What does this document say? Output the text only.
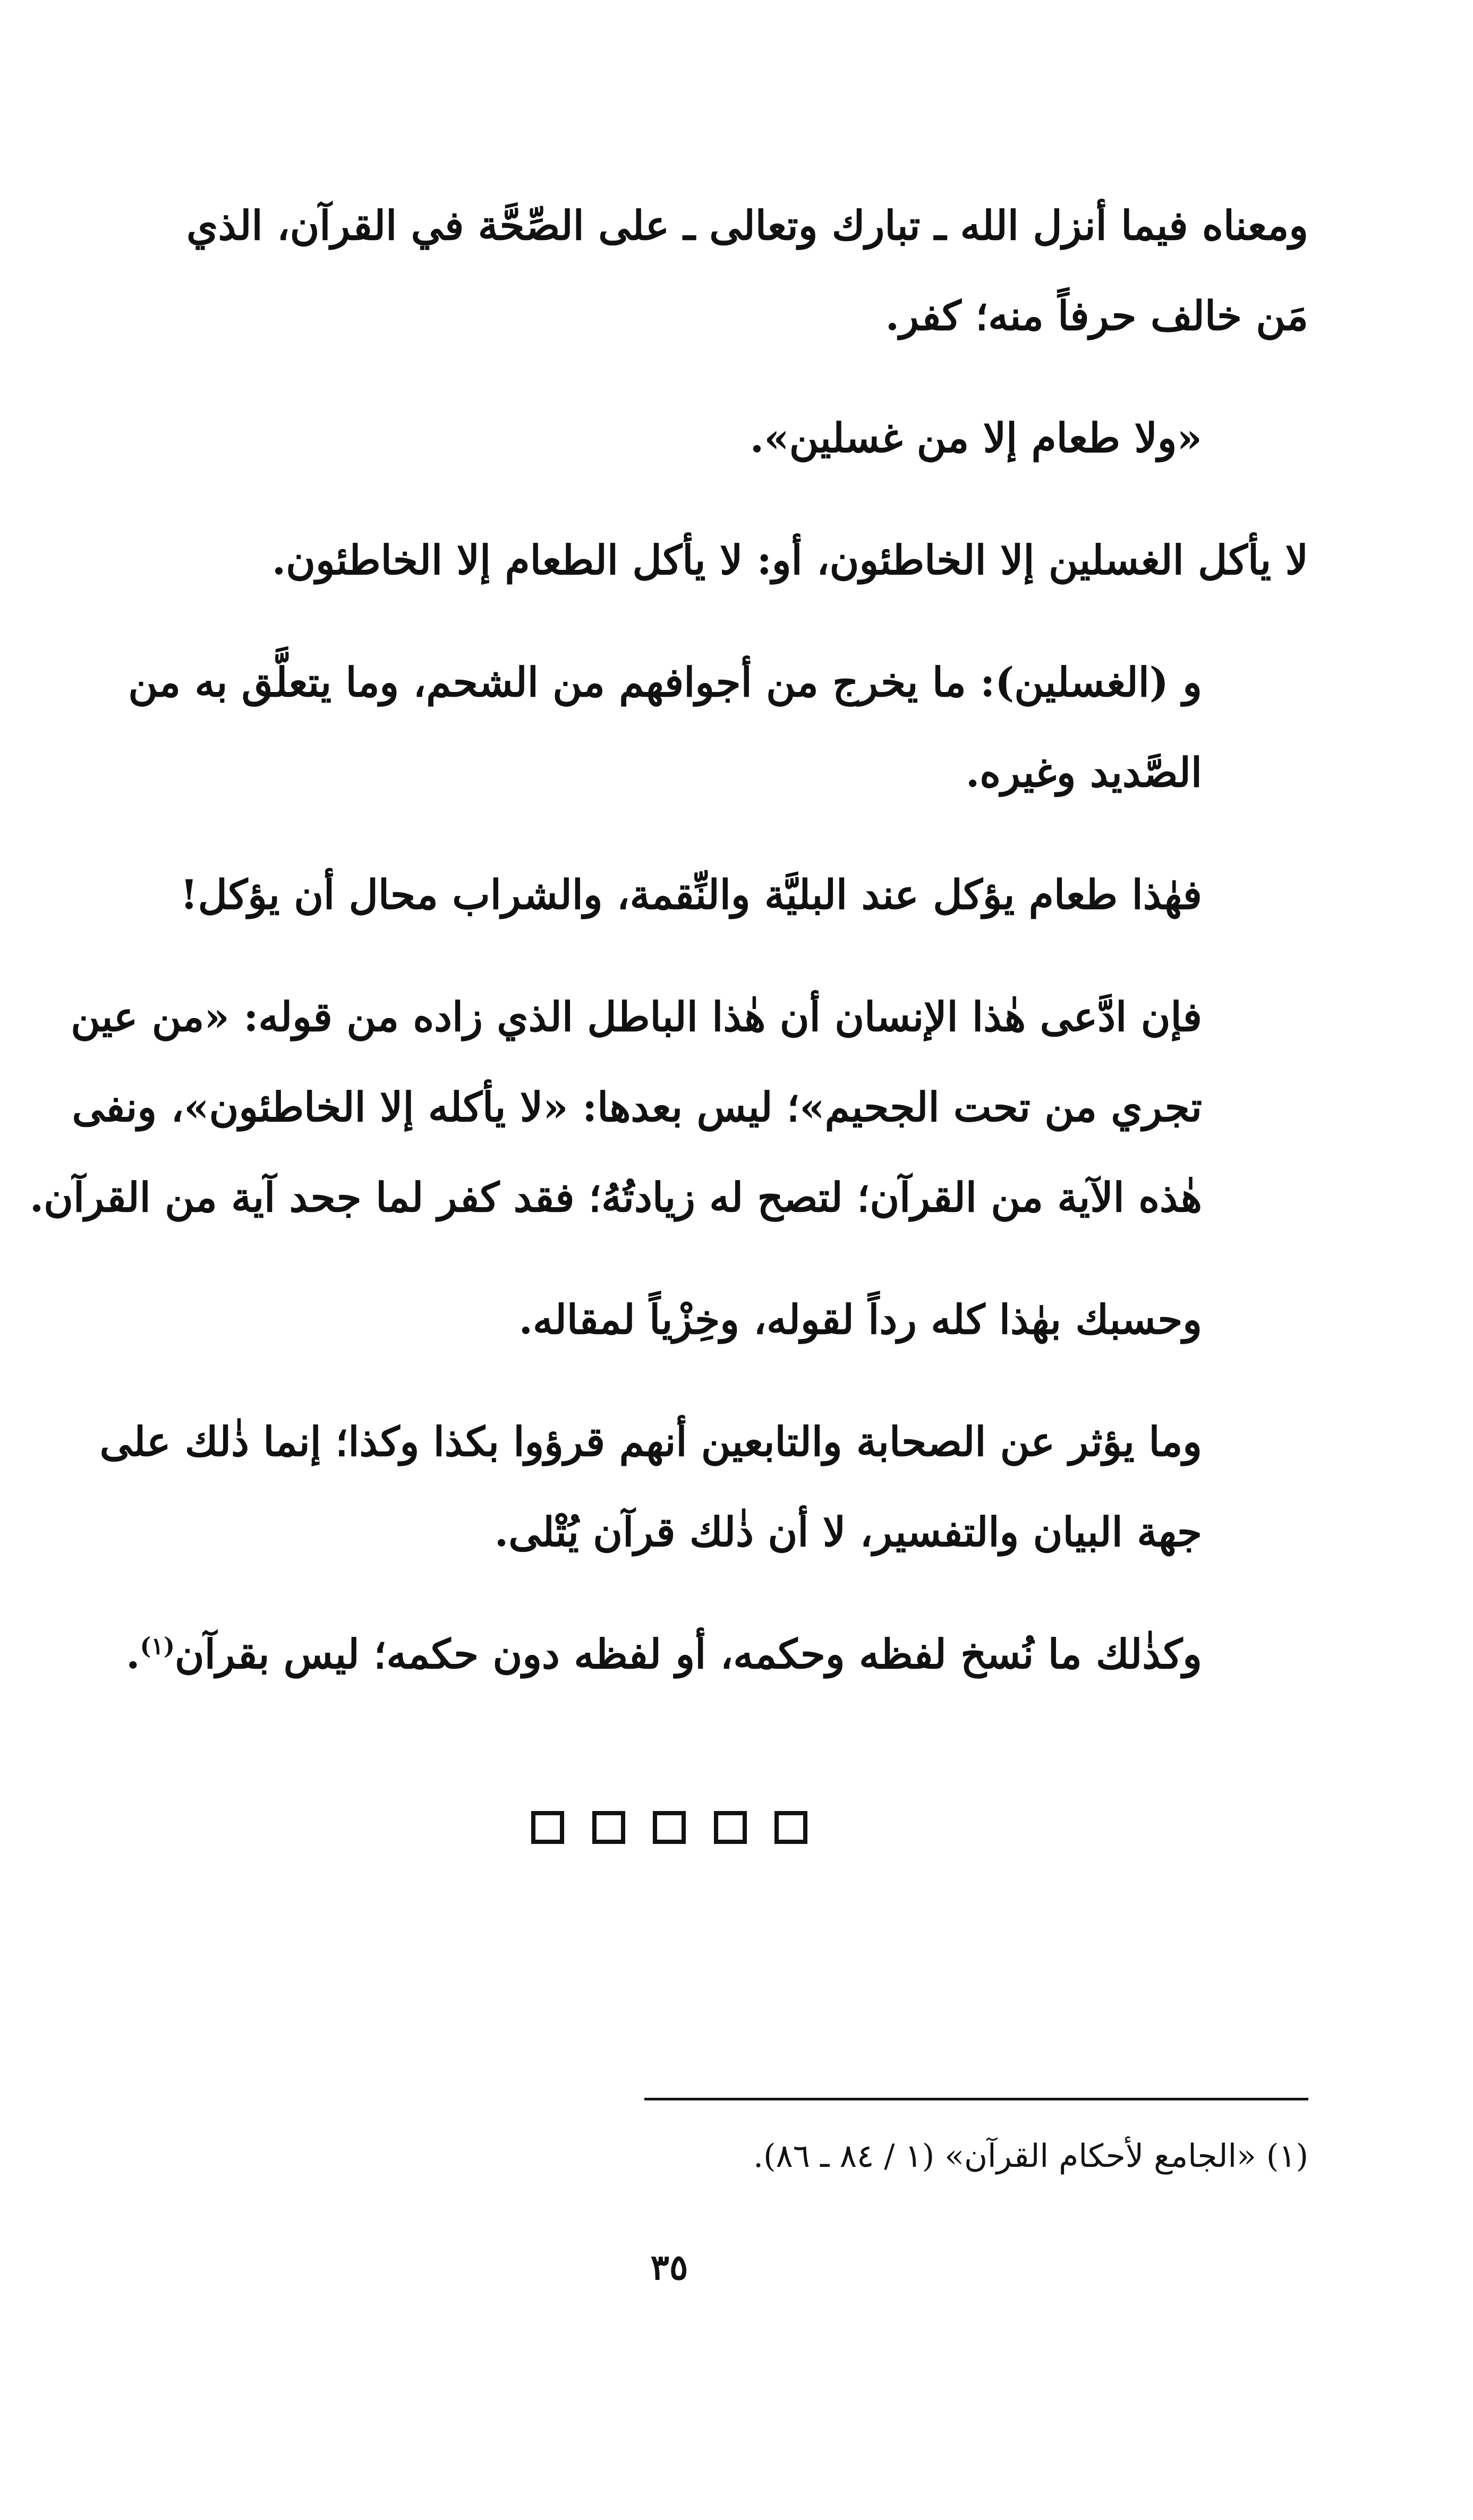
ومعناه فيما أنزل الله ـ تبارك وتعالى ـ على الصِّحَّة في القرآن، الذي
مَن خالف حرفاً منه؛ كفر.

«ولا طعام إلا من غسلين».

لا يأكل الغسلين إلا الخاطئون، أو: لا يأكل الطعام إلا الخاطئون.

و (الغسلين): ما يخرج من أجوافهم من الشحم، وما يتعلَّق به من
الصَّديد وغيره.

فهٰذا طعام يؤكل عند البليَّة والنِّقمة، والشراب محال أن يؤكل!

فإن ادَّعى هٰذا الإنسان أن هٰذا الباطل الذي زاده من قوله: «من عين
تجري من تحت الجحيم»؛ ليس بعدها: «لا يأكله إلا الخاطئون»، ونفى
هٰذه الآية من القرآن؛ لتصح له زيادتُهُ؛ فقد كفر لما جحد آية من القرآن.

وحسبك بهٰذا كله رداً لقوله، وخِزْياً لمقاله.

وما يؤثر عن الصحابة والتابعين أنهم قرؤوا بكذا وكذا؛ إنما ذٰلك على
جهة البيان والتفسير، لا أن ذٰلك قرآن يُتْلى.

وكذٰلك ما نُسخ لفظه وحكمه، أو لفظه دون حكمه؛ ليس بقرآن$^{(١)}$.

(١) «الجامع لأحكام القرآن» (١ / ٨٤ ـ ٨٦).
٣٥
